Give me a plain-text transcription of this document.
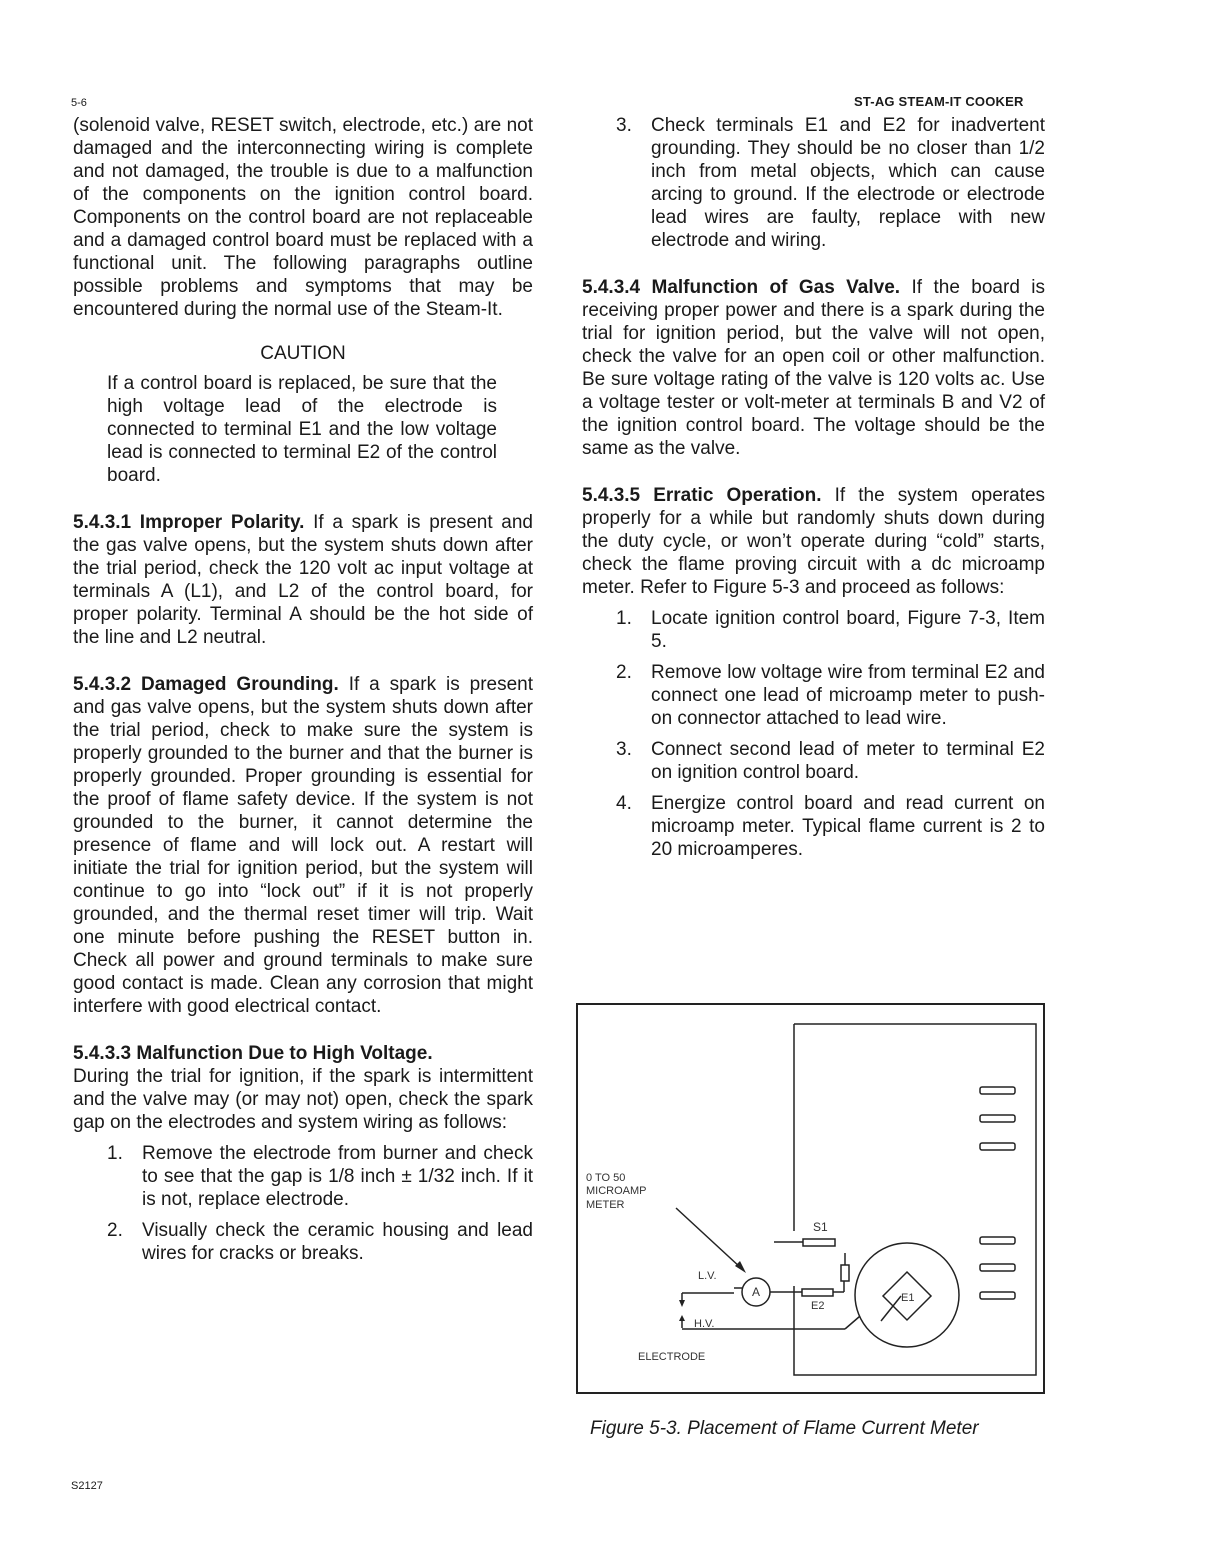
5-6	ST-AG STEAM-IT COOKER

(solenoid valve, RESET switch, electrode, etc.) are not damaged and the interconnecting wiring is complete and not damaged, the trouble is due to a malfunction of the components on the ignition control board. Components on the control board are not replaceable and a damaged control board must be replaced with a functional unit. The following paragraphs outline possible problems and symptoms that may be encountered during the normal use of the Steam-It.

CAUTION

If a control board is replaced, be sure that the high voltage lead of the electrode is connected to terminal E1 and the low voltage lead is connected to terminal E2 of the control board.

5.4.3.1 Improper Polarity. If a spark is present and the gas valve opens, but the system shuts down after the trial period, check the 120 volt ac input voltage at terminals A (L1), and L2 of the control board, for proper polarity. Terminal A should be the hot side of the line and L2 neutral.

5.4.3.2 Damaged Grounding. If a spark is present and gas valve opens, but the system shuts down after the trial period, check to make sure the system is properly grounded to the burner and that the burner is properly grounded. Proper grounding is essential for the proof of flame safety device. If the system is not grounded to the burner, it cannot determine the presence of flame and will lock out. A restart will initiate the trial for ignition period, but the system will continue to go into “lock out” if it is not properly grounded, and the thermal reset timer will trip. Wait one minute before pushing the RESET button in. Check all power and ground terminals to make sure good contact is made. Clean any corrosion that might interfere with good electrical contact.

5.4.3.3 Malfunction Due to High Voltage.

During the trial for ignition, if the spark is intermittent and the valve may (or may not) open, check the spark gap on the electrodes and system wiring as follows:

1. Remove the electrode from burner and check to see that the gap is 1/8 inch ± 1/32 inch. If it is not, replace electrode.
2. Visually check the ceramic housing and lead wires for cracks or breaks.
3. Check terminals E1 and E2 for inadvertent grounding. They should be no closer than 1/2 inch from metal objects, which can cause arcing to ground. If the electrode or electrode lead wires are faulty, replace with new electrode and wiring.

5.4.3.4 Malfunction of Gas Valve. If the board is receiving proper power and there is a spark during the trial for ignition period, but the valve will not open, check the valve for an open coil or other malfunction. Be sure voltage rating of the valve is 120 volts ac. Use a voltage tester or volt-meter at terminals B and V2 of the ignition control board. The voltage should be the same as the valve.

5.4.3.5 Erratic Operation. If the system operates properly for a while but randomly shuts down during the duty cycle, or won’t operate during “cold” starts, check the flame proving circuit with a dc microamp meter. Refer to Figure 5-3 and proceed as follows:

1. Locate ignition control board, Figure 7-3, Item 5.
2. Remove low voltage wire from terminal E2 and connect one lead of microamp meter to push-on connector attached to lead wire.
3. Connect second lead of meter to terminal E2 on ignition control board.
4. Energize control board and read current on microamp meter. Typical flame current is 2 to 20 microamperes.
0 TO 50
MICROAMP
METER
S1
L.V.
A
E2
E1
H.V.
ELECTRODE
Figure 5-3. Placement of Flame Current Meter
S2127
